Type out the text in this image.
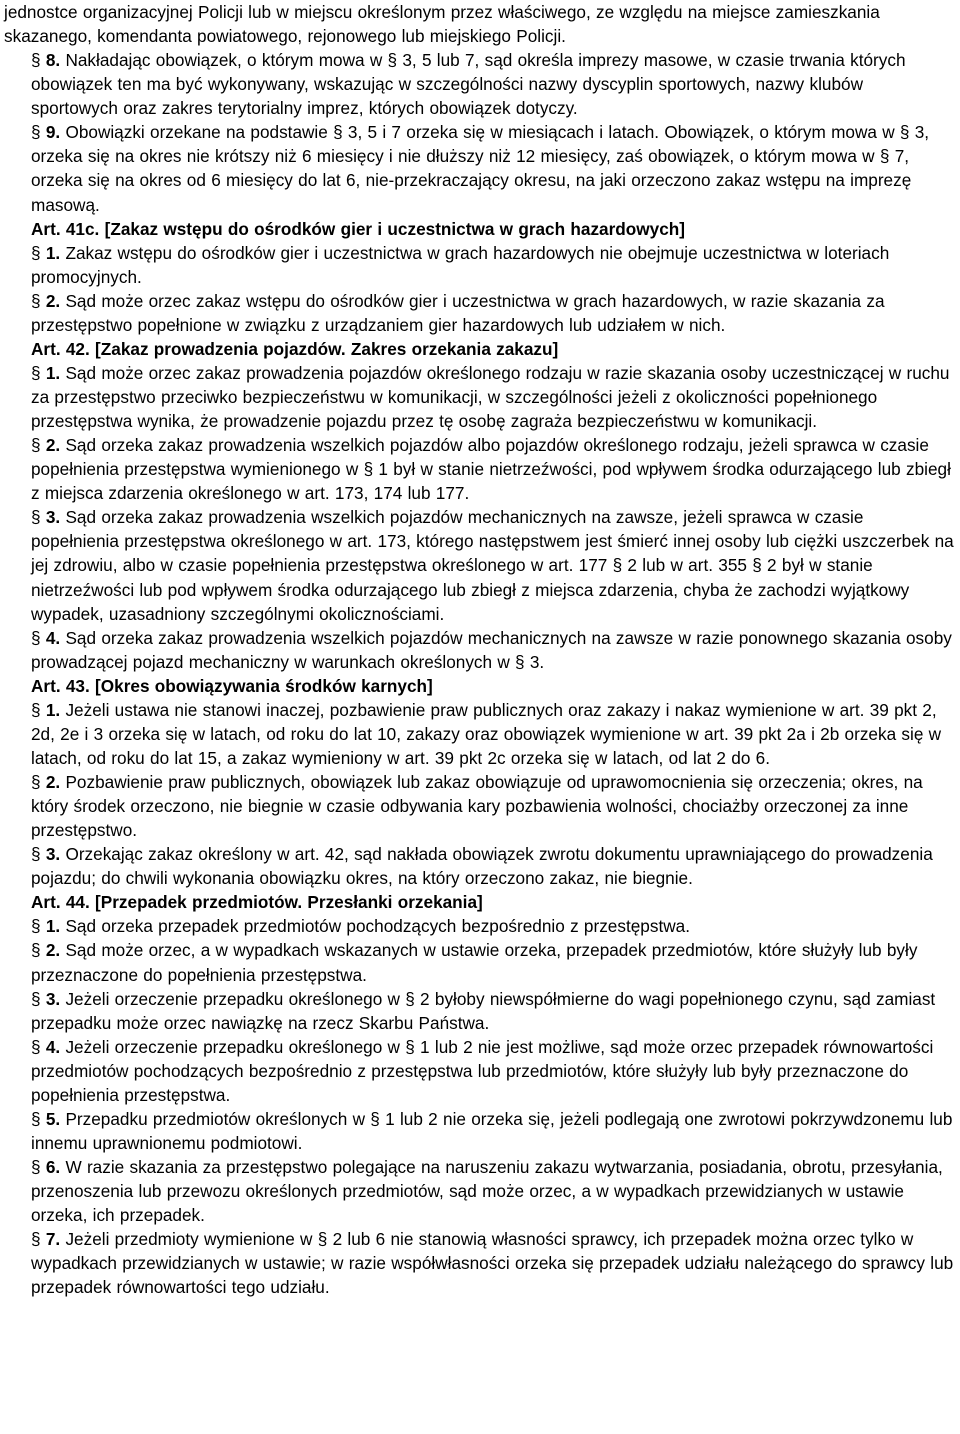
jednostce organizacyjnej Policji lub w miejscu określonym przez właściwego, ze względu na miejsce zamieszkania skazanego, komendanta powiatowego, rejonowego lub miejskiego Policji.

§ 8. Nakładając obowiązek, o którym mowa w § 3, 5 lub 7, sąd określa imprezy masowe, w czasie trwania których obowiązek ten ma być wykonywany, wskazując w szczególności nazwy dyscyplin sportowych, nazwy klubów sportowych oraz zakres terytorialny imprez, których obowiązek dotyczy.

§ 9. Obowiązki orzekane na podstawie § 3, 5 i 7 orzeka się w miesiącach i latach. Obowiązek, o którym mowa w § 3, orzeka się na okres nie krótszy niż 6 miesięcy i nie dłuższy niż 12 miesięcy, zaś obowiązek, o którym mowa w § 7, orzeka się na okres od 6 miesięcy do lat 6, nie-przekraczający okresu, na jaki orzeczono zakaz wstępu na imprezę masową.

Art. 41c. [Zakaz wstępu do ośrodków gier i uczestnictwa w grach hazardowych]

§ 1. Zakaz wstępu do ośrodków gier i uczestnictwa w grach hazardowych nie obejmuje uczestnictwa w loteriach promocyjnych.

§ 2. Sąd może orzec zakaz wstępu do ośrodków gier i uczestnictwa w grach hazardowych, w razie skazania za przestępstwo popełnione w związku z urządzaniem gier hazardowych lub udziałem w nich.

Art. 42. [Zakaz prowadzenia pojazdów. Zakres orzekania zakazu]

§ 1. Sąd może orzec zakaz prowadzenia pojazdów określonego rodzaju w razie skazania osoby uczestniczącej w ruchu za przestępstwo przeciwko bezpieczeństwu w komunikacji, w szczególności jeżeli z okoliczności popełnionego przestępstwa wynika, że prowadzenie pojazdu przez tę osobę zagraża bezpieczeństwu w komunikacji.

§ 2. Sąd orzeka zakaz prowadzenia wszelkich pojazdów albo pojazdów określonego rodzaju, jeżeli sprawca w czasie popełnienia przestępstwa wymienionego w § 1 był w stanie nietrzeźwości, pod wpływem środka odurzającego lub zbiegł z miejsca zdarzenia określonego w art. 173, 174 lub 177.

§ 3. Sąd orzeka zakaz prowadzenia wszelkich pojazdów mechanicznych na zawsze, jeżeli sprawca w czasie popełnienia przestępstwa określonego w art. 173, którego następstwem jest śmierć innej osoby lub ciężki uszczerbek na jej zdrowiu, albo w czasie popełnienia przestępstwa określonego w art. 177 § 2 lub w art. 355 § 2 był w stanie nietrzeźwości lub pod wpływem środka odurzającego lub zbiegł z miejsca zdarzenia, chyba że zachodzi wyjątkowy wypadek, uzasadniony szczególnymi okolicznościami.

§ 4. Sąd orzeka zakaz prowadzenia wszelkich pojazdów mechanicznych na zawsze w razie ponownego skazania osoby prowadzącej pojazd mechaniczny w warunkach określonych w § 3.

Art. 43. [Okres obowiązywania środków karnych]

§ 1. Jeżeli ustawa nie stanowi inaczej, pozbawienie praw publicznych oraz zakazy i nakaz wymienione w art. 39 pkt 2, 2d, 2e i 3 orzeka się w latach, od roku do lat 10, zakazy oraz obowiązek wymienione w art. 39 pkt 2a i 2b orzeka się w latach, od roku do lat 15, a zakaz wymieniony w art. 39 pkt 2c orzeka się w latach, od lat 2 do 6.

§ 2. Pozbawienie praw publicznych, obowiązek lub zakaz obowiązuje od uprawomocnienia się orzeczenia; okres, na który środek orzeczono, nie biegnie w czasie odbywania kary pozbawienia wolności, chociażby orzeczonej za inne przestępstwo.

§ 3. Orzekając zakaz określony w art. 42, sąd nakłada obowiązek zwrotu dokumentu uprawniającego do prowadzenia pojazdu; do chwili wykonania obowiązku okres, na który orzeczono zakaz, nie biegnie.

Art. 44. [Przepadek przedmiotów. Przesłanki orzekania]

§ 1. Sąd orzeka przepadek przedmiotów pochodzących bezpośrednio z przestępstwa.

§ 2. Sąd może orzec, a w wypadkach wskazanych w ustawie orzeka, przepadek przedmiotów, które służyły lub były przeznaczone do popełnienia przestępstwa.

§ 3. Jeżeli orzeczenie przepadku określonego w § 2 byłoby niewspółmierne do wagi popełnionego czynu, sąd zamiast przepadku może orzec nawiązkę na rzecz Skarbu Państwa.

§ 4. Jeżeli orzeczenie przepadku określonego w § 1 lub 2 nie jest możliwe, sąd może orzec przepadek równowartości przedmiotów pochodzących bezpośrednio z przestępstwa lub przedmiotów, które służyły lub były przeznaczone do popełnienia przestępstwa.

§ 5. Przepadku przedmiotów określonych w § 1 lub 2 nie orzeka się, jeżeli podlegają one zwrotowi pokrzywdzonemu lub innemu uprawnionemu podmiotowi.

§ 6. W razie skazania za przestępstwo polegające na naruszeniu zakazu wytwarzania, posiadania, obrotu, przesyłania, przenoszenia lub przewozu określonych przedmiotów, sąd może orzec, a w wypadkach przewidzianych w ustawie orzeka, ich przepadek.

§ 7. Jeżeli przedmioty wymienione w § 2 lub 6 nie stanowią własności sprawcy, ich przepadek można orzec tylko w wypadkach przewidzianych w ustawie; w razie współwłasności orzeka się przepadek udziału należącego do sprawcy lub przepadek równowartości tego udziału.
